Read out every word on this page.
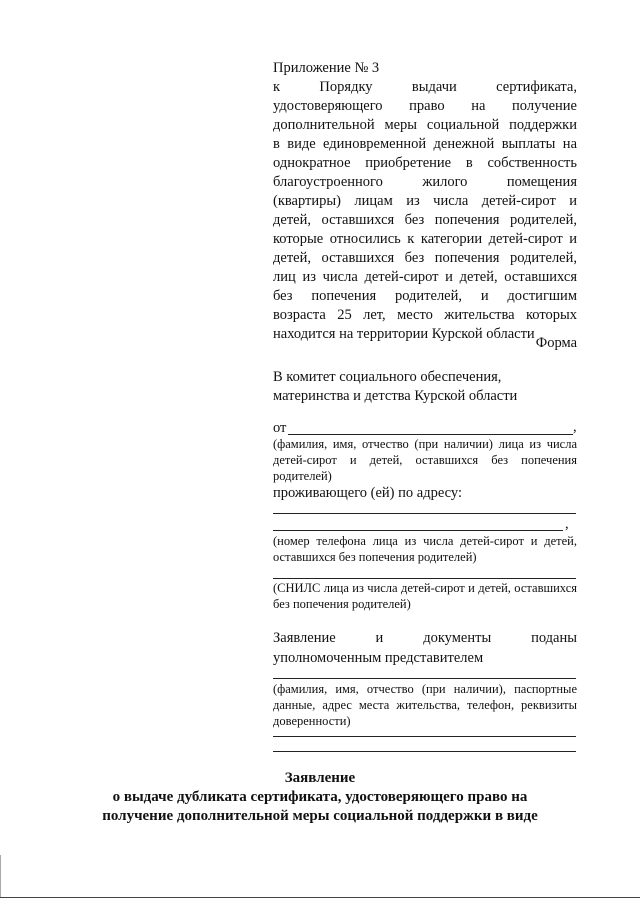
Приложение № 3
к Порядку выдачи сертификата,
удостоверяющего право на получение
дополнительной меры социальной поддержки
в виде единовременной денежной выплаты на
однократное приобретение в собственность
благоустроенного жилого помещения
(квартиры) лицам из числа детей-сирот и
детей, оставшихся без попечения родителей,
которые относились к категории детей-сирот и
детей, оставшихся без попечения родителей,
лиц из числа детей-сирот и детей, оставшихся
без попечения родителей, и достигшим
возраста 25 лет, место жительства которых
находится на территории Курской области
Форма
В комитет социального обеспечения,
материнства и детства Курской области
от	,
(фамилия, имя, отчество (при наличии) лица из числа детей-сирот и детей, оставшихся без попечения родителей)
проживающего (ей) по адресу:
,
(номер телефона лица из числа детей-сирот и детей, оставшихся без попечения родителей)
(СНИЛС лица из числа детей-сирот и детей, оставшихся без попечения родителей)
Заявление и документы поданы уполномоченным представителем
(фамилия, имя, отчество (при наличии), паспортные данные, адрес места жительства, телефон, реквизиты доверенности)
Заявление
о выдаче дубликата сертификата, удостоверяющего право на
получение дополнительной меры социальной поддержки в виде
